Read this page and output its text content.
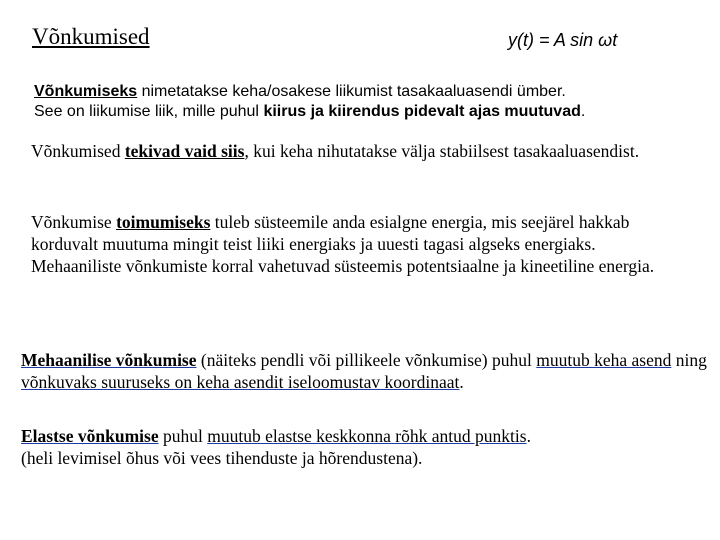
Võnkumised	y(t) = A sin ωt
Võnkumiseks nimetatakse keha/osakese liikumist tasakaaluasendi ümber.
See on liikumise liik, mille puhul kiirus ja kiirendus pidevalt ajas muutuvad.
Võnkumised tekivad vaid siis, kui keha nihutatakse välja stabiilsest tasakaaluasendist.
Võnkumise toimumiseks tuleb süsteemile anda esialgne energia, mis seejärel hakkab korduvalt muutuma mingit teist liiki energiaks ja uuesti tagasi algseks energiaks.
Mehaaniliste võnkumiste korral vahetuvad süsteemis potentsiaalne ja kineetiline energia.
Mehaanilise võnkumise (näiteks pendli või pillikeele võnkumise) puhul muutub keha asend ning võnkuvaks suuruseks on keha asendit iseloomustav koordinaat.
Elastse võnkumise puhul muutub elastse keskkonna rõhk antud punktis.
(heli levimisel õhus või vees tihenduste ja hõrendustena).
